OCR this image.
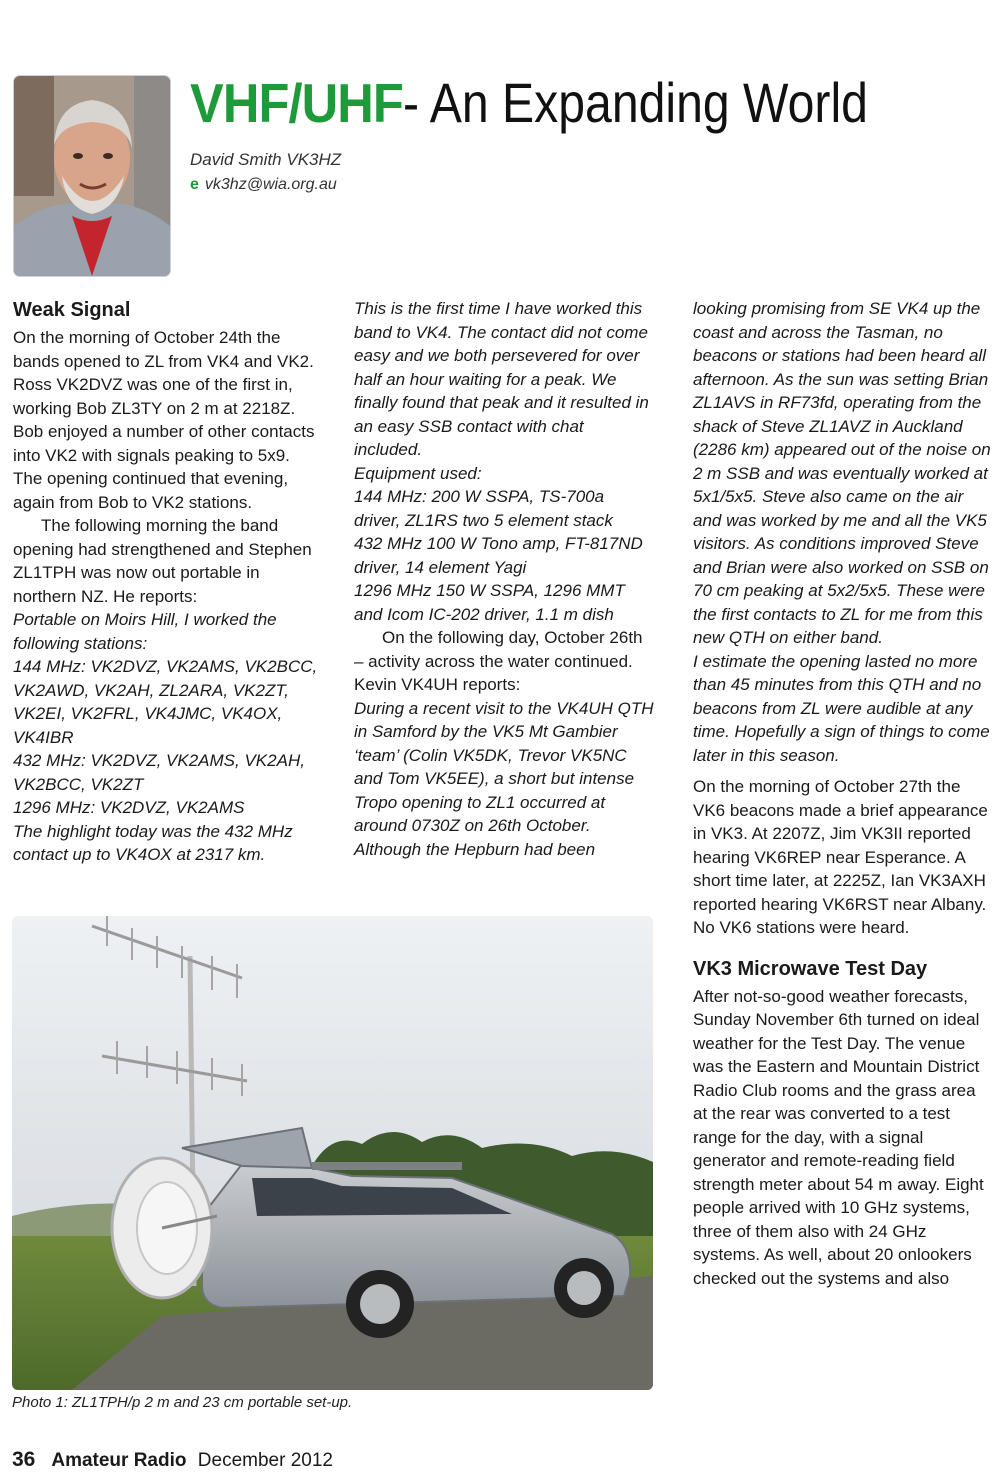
VHF/UHF- An Expanding World
David Smith VK3HZ
e vk3hz@wia.org.au
Weak Signal

On the morning of October 24th the bands opened to ZL from VK4 and VK2. Ross VK2DVZ was one of the first in, working Bob ZL3TY on 2 m at 2218Z. Bob enjoyed a number of other contacts into VK2 with signals peaking to 5x9. The opening continued that evening, again from Bob to VK2 stations.

The following morning the band opening had strengthened and Stephen ZL1TPH was now out portable in northern NZ. He reports:

Portable on Moirs Hill, I worked the following stations:

144 MHz: VK2DVZ, VK2AMS, VK2BCC, VK2AWD, VK2AH, ZL2ARA, VK2ZT, VK2EI, VK2FRL, VK4JMC, VK4OX, VK4IBR

432 MHz: VK2DVZ, VK2AMS, VK2AH, VK2BCC, VK2ZT

1296 MHz: VK2DVZ, VK2AMS

The highlight today was the 432 MHz contact up to VK4OX at 2317 km.

This is the first time I have worked this band to VK4. The contact did not come easy and we both persevered for over half an hour waiting for a peak. We finally found that peak and it resulted in an easy SSB contact with chat included.

Equipment used:

144 MHz: 200 W SSPA, TS-700a driver, ZL1RS two 5 element stack

432 MHz 100 W Tono amp, FT-817ND driver, 14 element Yagi

1296 MHz 150 W SSPA, 1296 MMT and Icom IC-202 driver, 1.1 m dish

On the following day, October 26th – activity across the water continued. Kevin VK4UH reports:

During a recent visit to the VK4UH QTH in Samford by the VK5 Mt Gambier ‘team’ (Colin VK5DK, Trevor VK5NC and Tom VK5EE), a short but intense Tropo opening to ZL1 occurred at around 0730Z on 26th October.

Although the Hepburn had been

looking promising from SE VK4 up the coast and across the Tasman, no beacons or stations had been heard all afternoon. As the sun was setting Brian ZL1AVS in RF73fd, operating from the shack of Steve ZL1AVZ in Auckland (2286 km) appeared out of the noise on 2 m SSB and was eventually worked at 5x1/5x5. Steve also came on the air and was worked by me and all the VK5 visitors. As conditions improved Steve and Brian were also worked on SSB on 70 cm peaking at 5x2/5x5. These were the first contacts to ZL for me from this new QTH on either band.

I estimate the opening lasted no more than 45 minutes from this QTH and no beacons from ZL were audible at any time. Hopefully a sign of things to come later in this season.

On the morning of October 27th the VK6 beacons made a brief appearance in VK3. At 2207Z, Jim VK3II reported hearing VK6REP near Esperance. A short time later, at 2225Z, Ian VK3AXH reported hearing VK6RST near Albany. No VK6 stations were heard.

VK3 Microwave Test Day

After not-so-good weather forecasts, Sunday November 6th turned on ideal weather for the Test Day. The venue was the Eastern and Mountain District Radio Club rooms and the grass area at the rear was converted to a test range for the day, with a signal generator and remote-reading field strength meter about 54 m away. Eight people arrived with 10 GHz systems, three of them also with 24 GHz systems. As well, about 20 onlookers checked out the systems and also

Photo 1: ZL1TPH/p 2 m and 23 cm portable set-up.
36 Amateur Radio December 2012
